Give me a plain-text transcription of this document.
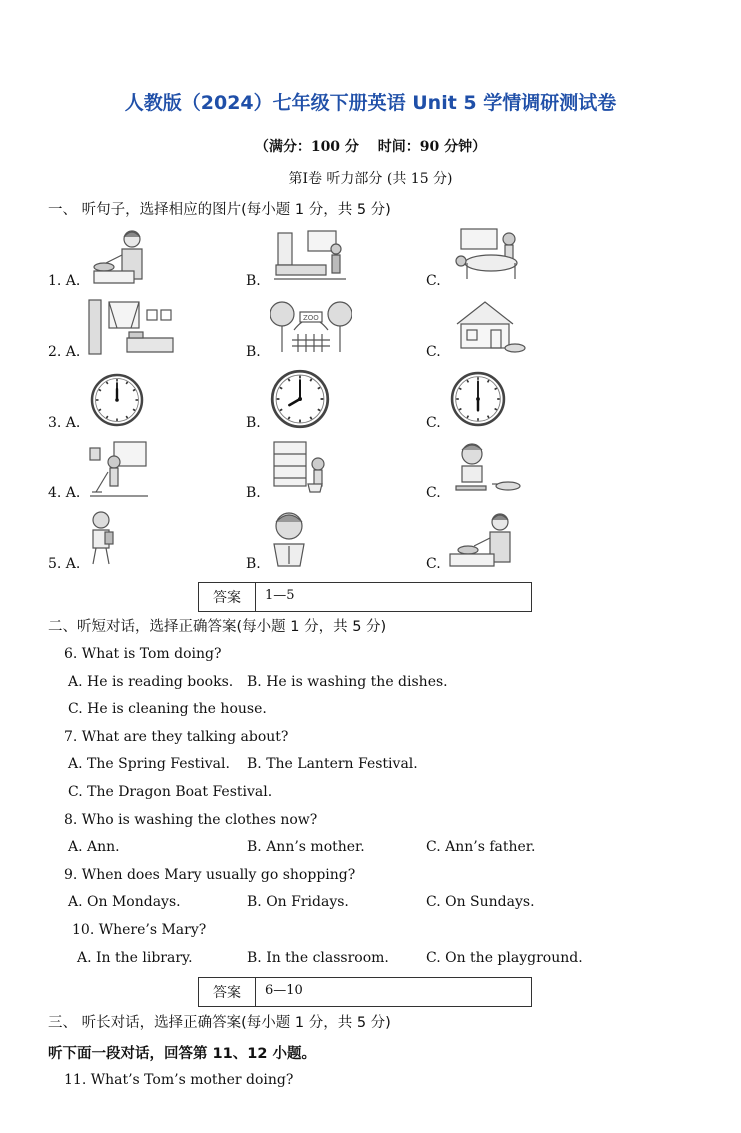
人教版（2024）七年级下册英语 Unit 5 学情调研测试卷
（满分：100 分　 时间：90 分钟）
第Ⅰ卷 听力部分 (共 15 分)
一、 听句子，选择相应的图片(每小题 1 分，共 5 分)
1. A.	B.	C.
2. A.	B.	C.
ZOO
3. A.	B.	C.
4. A.	B.	C.
5. A.	B.	C.
答案	1—5
二、听短对话，选择正确答案(每小题 1 分，共 5 分)
6. What is Tom doing?
A. He is reading books. B. He is washing the dishes.
C. He is cleaning the house.
7. What are they talking about?
A. The Spring Festival. B. The Lantern Festival.
C. The Dragon Boat Festival.
8. Who is washing the clothes now?
A. Ann.	B. Ann’s mother.	C. Ann’s father.
9. When does Mary usually go shopping?
A. On Mondays.	B. On Fridays.	C. On Sundays.
10. Where’s Mary?
A. In the library.	B. In the classroom.	C. On the playground.
答案	6—10
三、 听长对话，选择正确答案(每小题 1 分，共 5 分)
听下面一段对话，回答第 11、12 小题。
11. What’s Tom’s mother doing?
